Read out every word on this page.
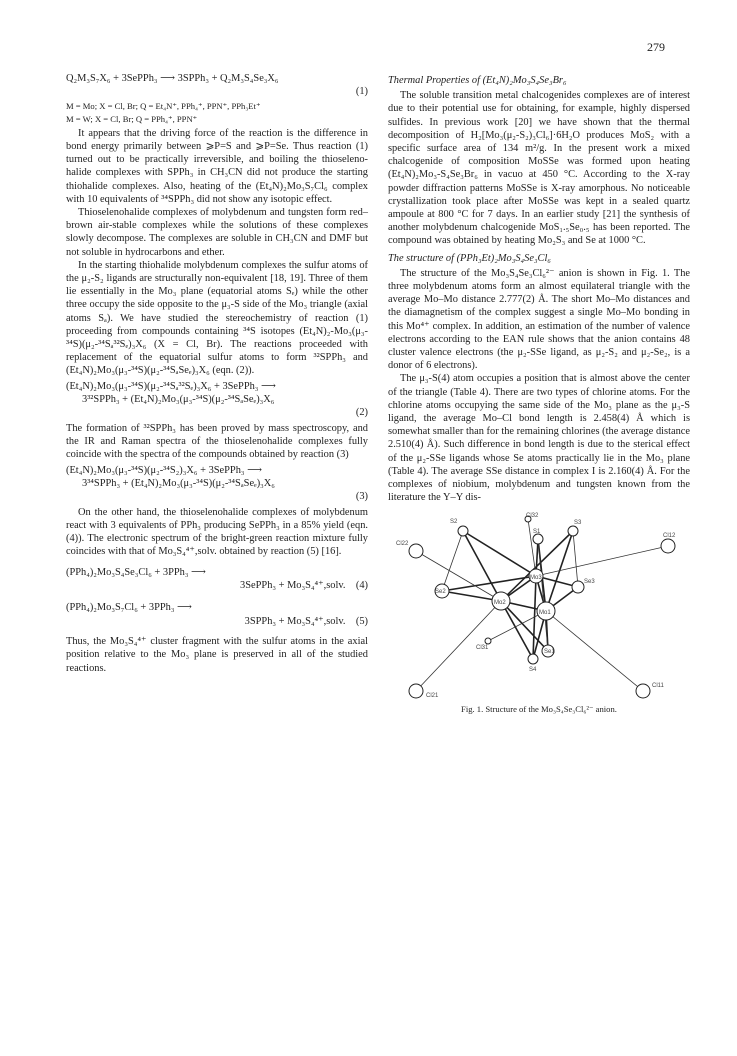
279
Q₂M₃S₇X₆ + 3SePPh₃ ⟶ 3SPPh₃ + Q₂M₃S₄Se₃X₆
(1)
M = Mo; X = Cl, Br; Q = Et₄N⁺, PPh₄⁺, PPN⁺, PPh₃Et⁺
M = W; X = Cl, Br; Q = PPh₄⁺, PPN⁺

It appears that the driving force of the reaction is the difference in bond energy primarily between ⩾P=S and ⩾P=Se. Thus reaction (1) turned out to be practically irreversible, and boiling the thioseleno-halide complexes with SPPh₃ in CH₃CN did not produce the starting thiohalide complexes. Also, heating of the (Et₄N)₂Mo₃S₇Cl₆ complex with 10 equivalents of ³⁴SPPh₃ did not show any isotopic effect.

Thioselenohalide complexes of molybdenum and tungsten form red–brown air-stable complexes while the solutions of these complexes slowly decompose. The complexes are soluble in CH₃CN and DMF but not soluble in hydrocarbons and ether.

In the starting thiohalide molybdenum complexes the sulfur atoms of the μ₂-S₂ ligands are structurally non-equivalent [18, 19]. Three of them lie essentially in the Mo₃ plane (equatorial atoms Sₑ) while the other three occupy the side opposite to the μ₃-S side of the Mo₃ triangle (axial atoms Sₐ). We have studied the stereochemistry of reaction (1) proceeding from compounds containing ³⁴S isotopes (Et₄N)₂-Mo₃(μ₃-³⁴S)(μ₂-³⁴Sₐ³²Sₑ)₃X₆ (X = Cl, Br). The reactions proceeded with replacement of the equatorial sulfur atoms to form ³²SPPh₃ and (Et₄N)₂Mo₃(μ₃-³⁴S)(μ₂-³⁴SₐSeₑ)₃X₆ (eqn. (2)).

(Et₄N)₂Mo₃(μ₃-³⁴S)(μ₂-³⁴Sₐ³²Sₑ)₃X₆ + 3SePPh₃ ⟶
3³²SPPh₃ + (Et₄N)₂Mo₃(μ₃-³⁴S)(μ₂-³⁴SₐSeₑ)₃X₆
(2)

The formation of ³²SPPh₃ has been proved by mass spectroscopy, and the IR and Raman spectra of the thioselenohalide complexes fully coincide with the spectra of the compounds obtained by reaction (3)

(Et₄N)₂Mo₃(μ₃-³⁴S)(μ₂-³⁴S₂)₃X₆ + 3SePPh₃ ⟶
3³⁴SPPh₃ + (Et₄N)₂Mo₃(μ₃-³⁴S)(μ₂-³⁴SₐSeₑ)₃X₆
(3)

On the other hand, the thioselenohalide complexes of molybdenum react with 3 equivalents of PPh₃ producing SePPh₃ in a 85% yield (eqn. (4)). The electronic spectrum of the bright-green reaction mixture fully coincides with that of Mo₃S₄⁴⁺,solv. obtained by reaction (5) [16].

(PPh₄)₂Mo₃S₄Se₃Cl₆ + 3PPh₃ ⟶
3SePPh₃ + Mo₃S₄⁴⁺,solv.
(4)
(PPh₄)₂Mo₃S₇Cl₆ + 3PPh₃ ⟶
3SPPh₃ + Mo₃S₄⁴⁺,solv.
(5)

Thus, the Mo₃S₄⁴⁺ cluster fragment with the sulfur atoms in the axial position relative to the Mo₃ plane is preserved in all of the studied reactions.

Thermal Properties of (Et₄N)₂Mo₃S₄Se₃Br₆

The soluble transition metal chalcogenides complexes are of interest due to their potential use for obtaining, for example, highly dispersed sulfides. In previous work [20] we have shown that the thermal decomposition of H₂[Mo₃(μ₂-S₂)₃Cl₆]·6H₂O produces MoS₂ with a specific surface area of 134 m²/g. In the present work a mixed chalcogenide of composition MoSSe was formed upon heating (Et₄N)₂Mo₃-S₄Se₃Br₆ in vacuo at 450 °C. According to the X-ray powder diffraction patterns MoSSe is X-ray amorphous. No noticeable crystallization took place after MoSSe was kept in a sealed quartz ampoule at 800 °C for 7 days. In an earlier study [21] the synthesis of another molybdenum chalcogenide MoS₁.₅Se₀.₅ has been reported. The compound was obtained by heating Mo₂S₃ and Se at 1000 °C.

The structure of (PPh₃Et)₂Mo₃S₄Se₃Cl₆

The structure of the Mo₃S₄Se₃Cl₆²⁻ anion is shown in Fig. 1. The three molybdenum atoms form an almost equilateral triangle with the average Mo–Mo distance 2.777(2) Å. The short Mo–Mo distances and the diamagnetism of the complex suggest a single Mo–Mo bonding in this Mo⁴⁺ complex. In addition, an estimation of the number of valence electrons according to the EAN rule shows that the anion contains 48 cluster valence electrons (the μ₂-SSe ligand, as μ₂-S₂ and μ₂-Se₂, is a donor of 6 electrons).

The μ₃-S(4) atom occupies a position that is almost above the center of the triangle (Table 4). There are two types of chlorine atoms. For the chlorine atoms occupying the same side of the Mo₃ plane as the μ₃-S ligand, the average Mo–Cl bond length is 2.458(4) Å which is somewhat smaller than for the remaining chlorines (the average distance 2.510(4) Å). Such difference in bond length is due to the sterical effect of the μ₂-SSe ligands whose Se atoms practically lie in the Mo₃ plane (Table 4). The average SSe distance in complex I is 2.160(4) Å. For the complexes of niobium, molybdenum and tungsten known from the literature the Y–Y dis-

Cl32
S2
S1
S3
Cl22
Cl12
Se3
Se2
Mo2
Mo1
Mo3
Se1
Cl31
S4
Cl11
Cl21
Fig. 1. Structure of the Mo₃S₄Se₃Cl₆²⁻ anion.
